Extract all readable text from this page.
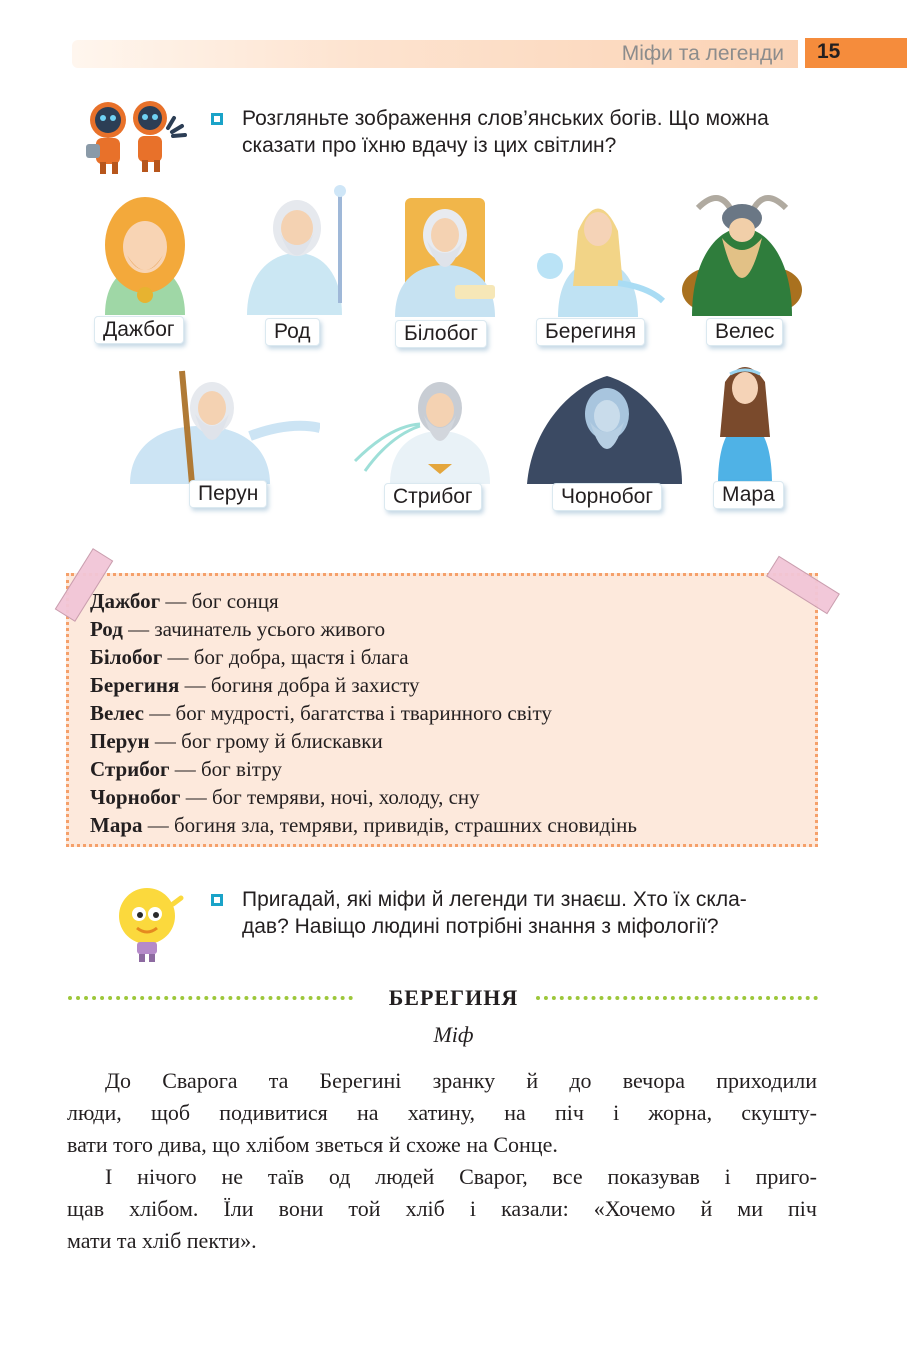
Міфи та легенди 15
Розгляньте зображення слов’янських богів. Що можна
сказати про їхню вдачу із цих світлин?
Дажбог	Род	Білобог	Берегиня	Велес
Перун	Стрибог	Чорнобог	Мара
Дажбог — бог сонця
Род — зачинатель усього живого
Білобог — бог добра, щастя і блага
Берегиня — богиня добра й захисту
Велес — бог мудрості, багатства і тваринного світу
Перун — бог грому й блискавки
Стрибог — бог вітру
Чорнобог — бог темряви, ночі, холоду, сну
Мара — богиня зла, темряви, привидів, страшних сновидінь
Пригадай, які міфи й легенди ти знаєш. Хто їх скла-
дав? Навіщо людині потрібні знання з міфології?
БЕРЕГИНЯ
Міф
До Сварога та Берегині зранку й до вечора приходили
люди, щоб подивитися на хатину, на піч і жорна, скушту-
вати того дива, що хлібом зветься й схоже на Сонце.
І нічого не таїв од людей Сварог, все показував і приго-
щав хлібом. Їли вони той хліб і казали: «Хочемо й ми піч
мати та хліб пекти».
